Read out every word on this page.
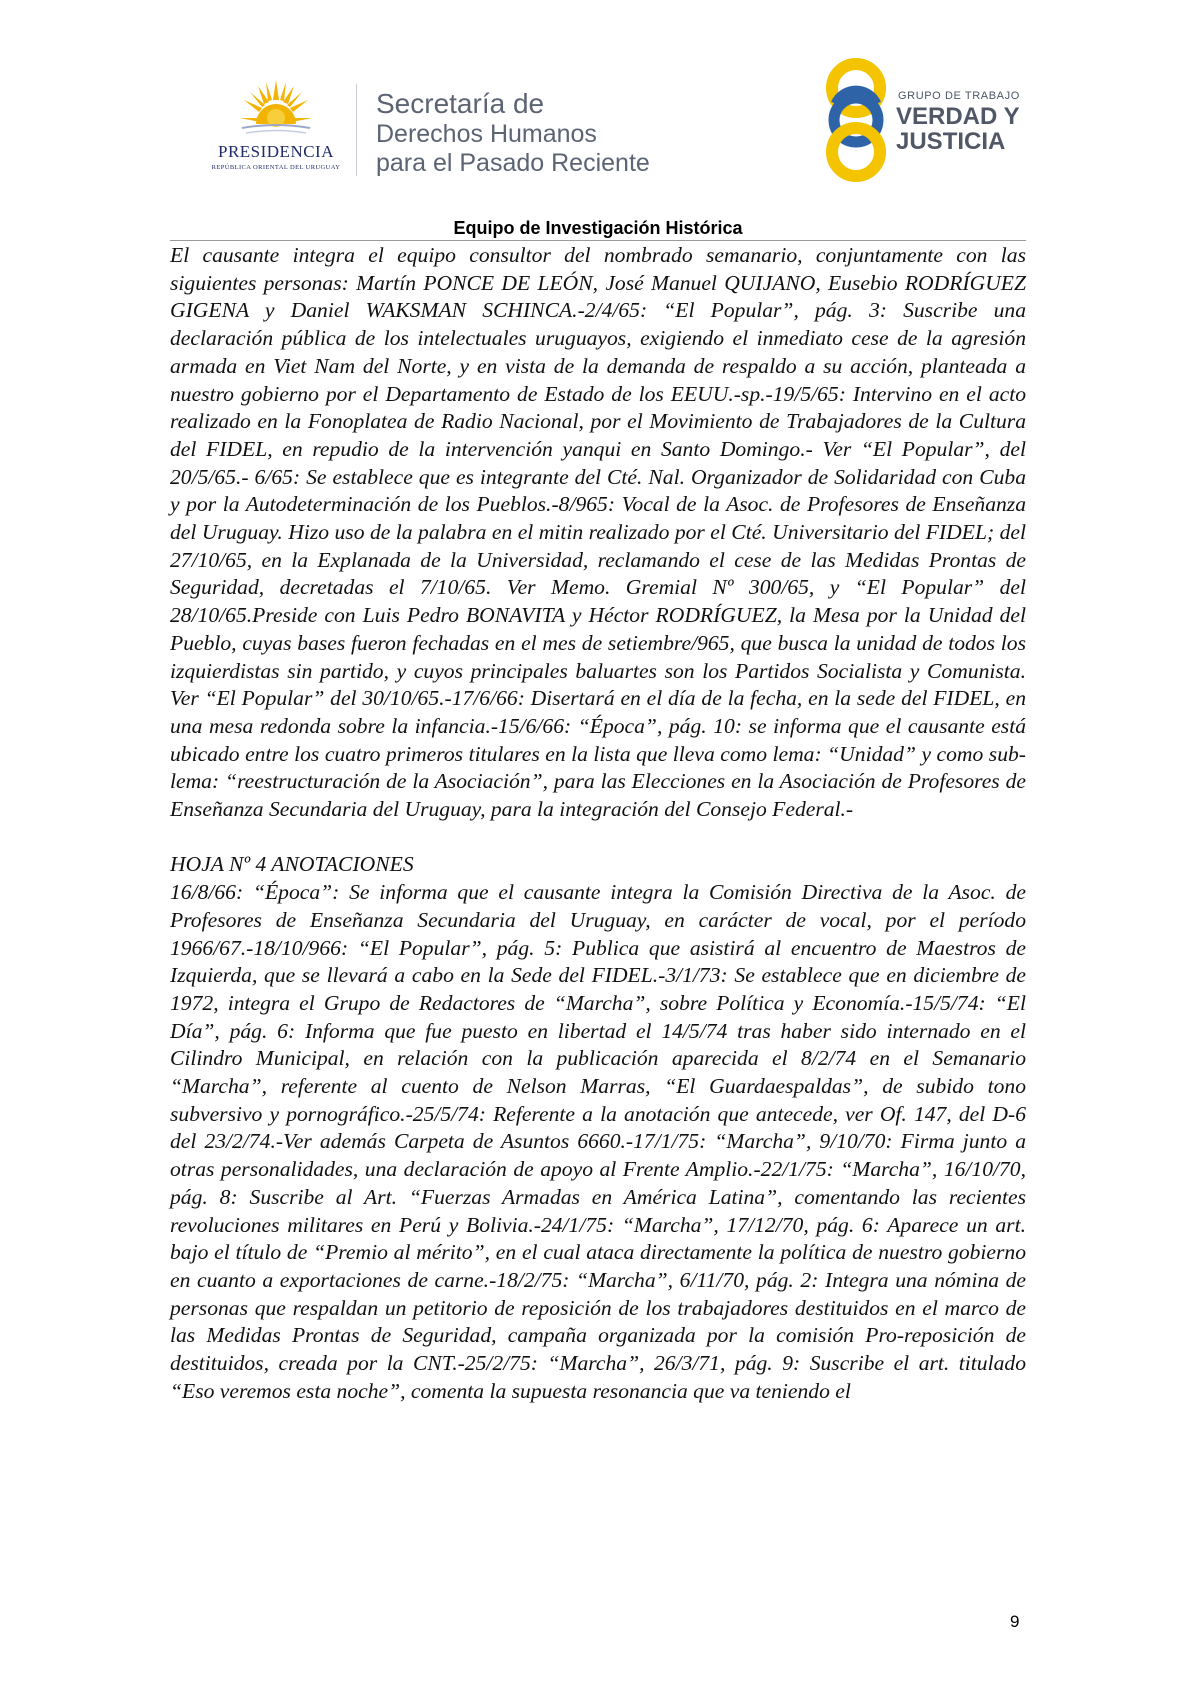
PRESIDENCIA
REPÚBLICA ORIENTAL DEL URUGUAY
Secretaría de
Derechos Humanos
para el Pasado Reciente
GRUPO DE TRABAJO
VERDAD Y
JUSTICIA
Equipo de Investigación Histórica

El causante integra el equipo consultor del nombrado semanario, conjuntamente con las siguientes personas: Martín PONCE DE LEÓN, José Manuel QUIJANO, Eusebio RODRÍGUEZ GIGENA y Daniel WAKSMAN SCHINCA.-2/4/65: “El Popular”, pág. 3: Suscribe una declaración pública de los intelectuales uruguayos, exigiendo el inmediato cese de la agresión armada en Viet Nam del Norte, y en vista de la demanda de respaldo a su acción, planteada a nuestro gobierno por el Departamento de Estado de los EEUU.-sp.-19/5/65: Intervino en el acto realizado en la Fonoplatea de Radio Nacional, por el Movimiento de Trabajadores de la Cultura del FIDEL, en repudio de la intervención yanqui en Santo Domingo.- Ver “El Popular”, del 20/5/65.- 6/65: Se establece que es integrante del Cté. Nal. Organizador de Solidaridad con Cuba y por la Autodeterminación de los Pueblos.-8/965: Vocal de la Asoc. de Profesores de Enseñanza del Uruguay. Hizo uso de la palabra en el mitin realizado por el Cté. Universitario del FIDEL; del 27/10/65, en la Explanada de la Universidad, reclamando el cese de las Medidas Prontas de Seguridad, decretadas el 7/10/65. Ver Memo. Gremial Nº 300/65, y “El Popular” del 28/10/65.Preside con Luis Pedro BONAVITA y Héctor RODRÍGUEZ, la Mesa por la Unidad del Pueblo, cuyas bases fueron fechadas en el mes de setiembre/965, que busca la unidad de todos los izquierdistas sin partido, y cuyos principales baluartes son los Partidos Socialista y Comunista. Ver “El Popular” del 30/10/65.-17/6/66: Disertará en el día de la fecha, en la sede del FIDEL, en una mesa redonda sobre la infancia.-15/6/66: “Época”, pág. 10: se informa que el causante está ubicado entre los cuatro primeros titulares en la lista que lleva como lema: “Unidad” y como sub-lema: “reestructuración de la Asociación”, para las Elecciones en la Asociación de Profesores de Enseñanza Secundaria del Uruguay, para la integración del Consejo Federal.-

HOJA Nº 4 ANOTACIONES

16/8/66: “Época”: Se informa que el causante integra la Comisión Directiva de la Asoc. de Profesores de Enseñanza Secundaria del Uruguay, en carácter de vocal, por el período 1966/67.-18/10/966: “El Popular”, pág. 5: Publica que asistirá al encuentro de Maestros de Izquierda, que se llevará a cabo en la Sede del FIDEL.-3/1/73: Se establece que en diciembre de 1972, integra el Grupo de Redactores de “Marcha”, sobre Política y Economía.-15/5/74: “El Día”, pág. 6: Informa que fue puesto en libertad el 14/5/74 tras haber sido internado en el Cilindro Municipal, en relación con la publicación aparecida el 8/2/74 en el Semanario “Marcha”, referente al cuento de Nelson Marras, “El Guardaespaldas”, de subido tono subversivo y pornográfico.-25/5/74: Referente a la anotación que antecede, ver Of. 147, del D-6 del 23/2/74.-Ver además Carpeta de Asuntos 6660.-17/1/75: “Marcha”, 9/10/70: Firma junto a otras personalidades, una declaración de apoyo al Frente Amplio.-22/1/75: “Marcha”, 16/10/70, pág. 8: Suscribe al Art. “Fuerzas Armadas en América Latina”, comentando las recientes revoluciones militares en Perú y Bolivia.-24/1/75: “Marcha”, 17/12/70, pág. 6: Aparece un art. bajo el título de “Premio al mérito”, en el cual ataca directamente la política de nuestro gobierno en cuanto a exportaciones de carne.-18/2/75: “Marcha”, 6/11/70, pág. 2: Integra una nómina de personas que respaldan un petitorio de reposición de los trabajadores destituidos en el marco de las Medidas Prontas de Seguridad, campaña organizada por la comisión Pro-reposición de destituidos, creada por la CNT.-25/2/75: “Marcha”, 26/3/71, pág. 9: Suscribe el art. titulado “Eso veremos esta noche”, comenta la supuesta resonancia que va teniendo el

9
